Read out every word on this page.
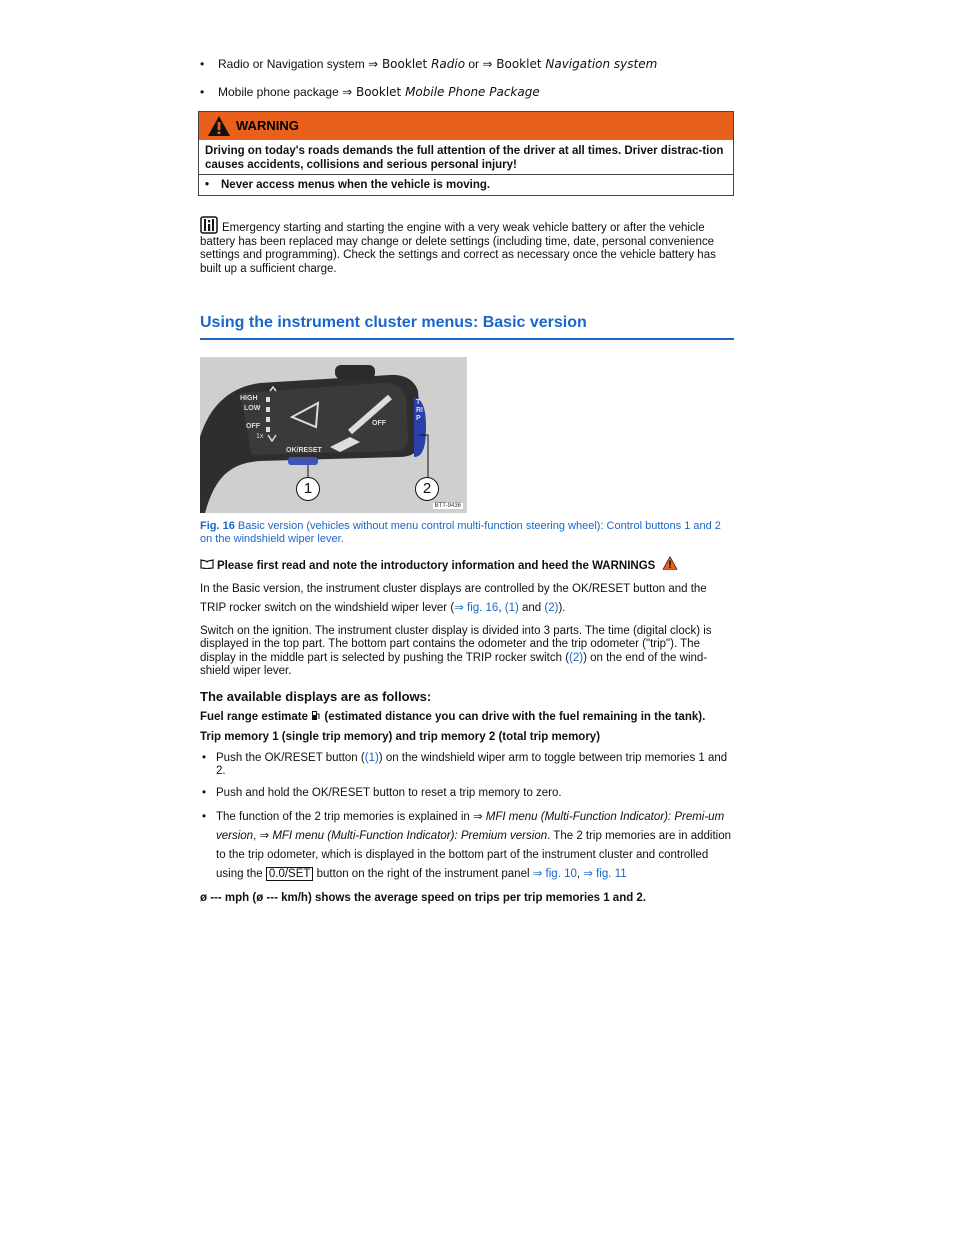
• Radio or Navigation system ⇒ Booklet Radio or ⇒ Booklet Navigation system
• Mobile phone package ⇒ Booklet Mobile Phone Package
WARNING
Driving on today's roads demands the full attention of the driver at all times. Driver distrac-tion causes accidents, collisions and serious personal injury!
• Never access menus when the vehicle is moving.
Emergency starting and starting the engine with a very weak vehicle battery or after the vehicle battery has been replaced may change or delete settings (including time, date, personal convenience settings and programming). Check the settings and correct as necessary once the vehicle battery has built up a sufficient charge.
Using the instrument cluster menus: Basic version
HIGH
LOW
OFF
1x
OFF
OK/RESET
TRIP
1	2
BTT-9436
Fig. 16 Basic version (vehicles without menu control multi-function steering wheel): Control buttons 1 and 2 on the windshield wiper lever.

Please first read and note the introductory information and heed the WARNINGS

In the Basic version, the instrument cluster displays are controlled by the OK/RESET button and the TRIP rocker switch on the windshield wiper lever (⇒ fig. 16, (1) and (2)).

Switch on the ignition. The instrument cluster display is divided into 3 parts. The time (digital clock) is displayed in the top part. The bottom part contains the odometer and the trip odometer ("trip"). The display in the middle part is selected by pushing the TRIP rocker switch ((2)) on the end of the wind-shield wiper lever.

The available displays are as follows:

Fuel range estimate  (estimated distance you can drive with the fuel remaining in the tank).

Trip memory 1 (single trip memory) and trip memory 2 (total trip memory)

• Push the OK/RESET button ((1)) on the windshield wiper arm to toggle between trip memories 1 and 2.
• Push and hold the OK/RESET button to reset a trip memory to zero.
• The function of the 2 trip memories is explained in ⇒ MFI menu (Multi-Function Indicator): Premi-um version, ⇒ MFI menu (Multi-Function Indicator): Premium version. The 2 trip memories are in addition to the trip odometer, which is displayed in the bottom part of the instrument cluster and controlled using the 0.0/SET button on the right of the instrument panel ⇒ fig. 10, ⇒ fig. 11

ø --- mph (ø --- km/h) shows the average speed on trips per trip memories 1 and 2.
